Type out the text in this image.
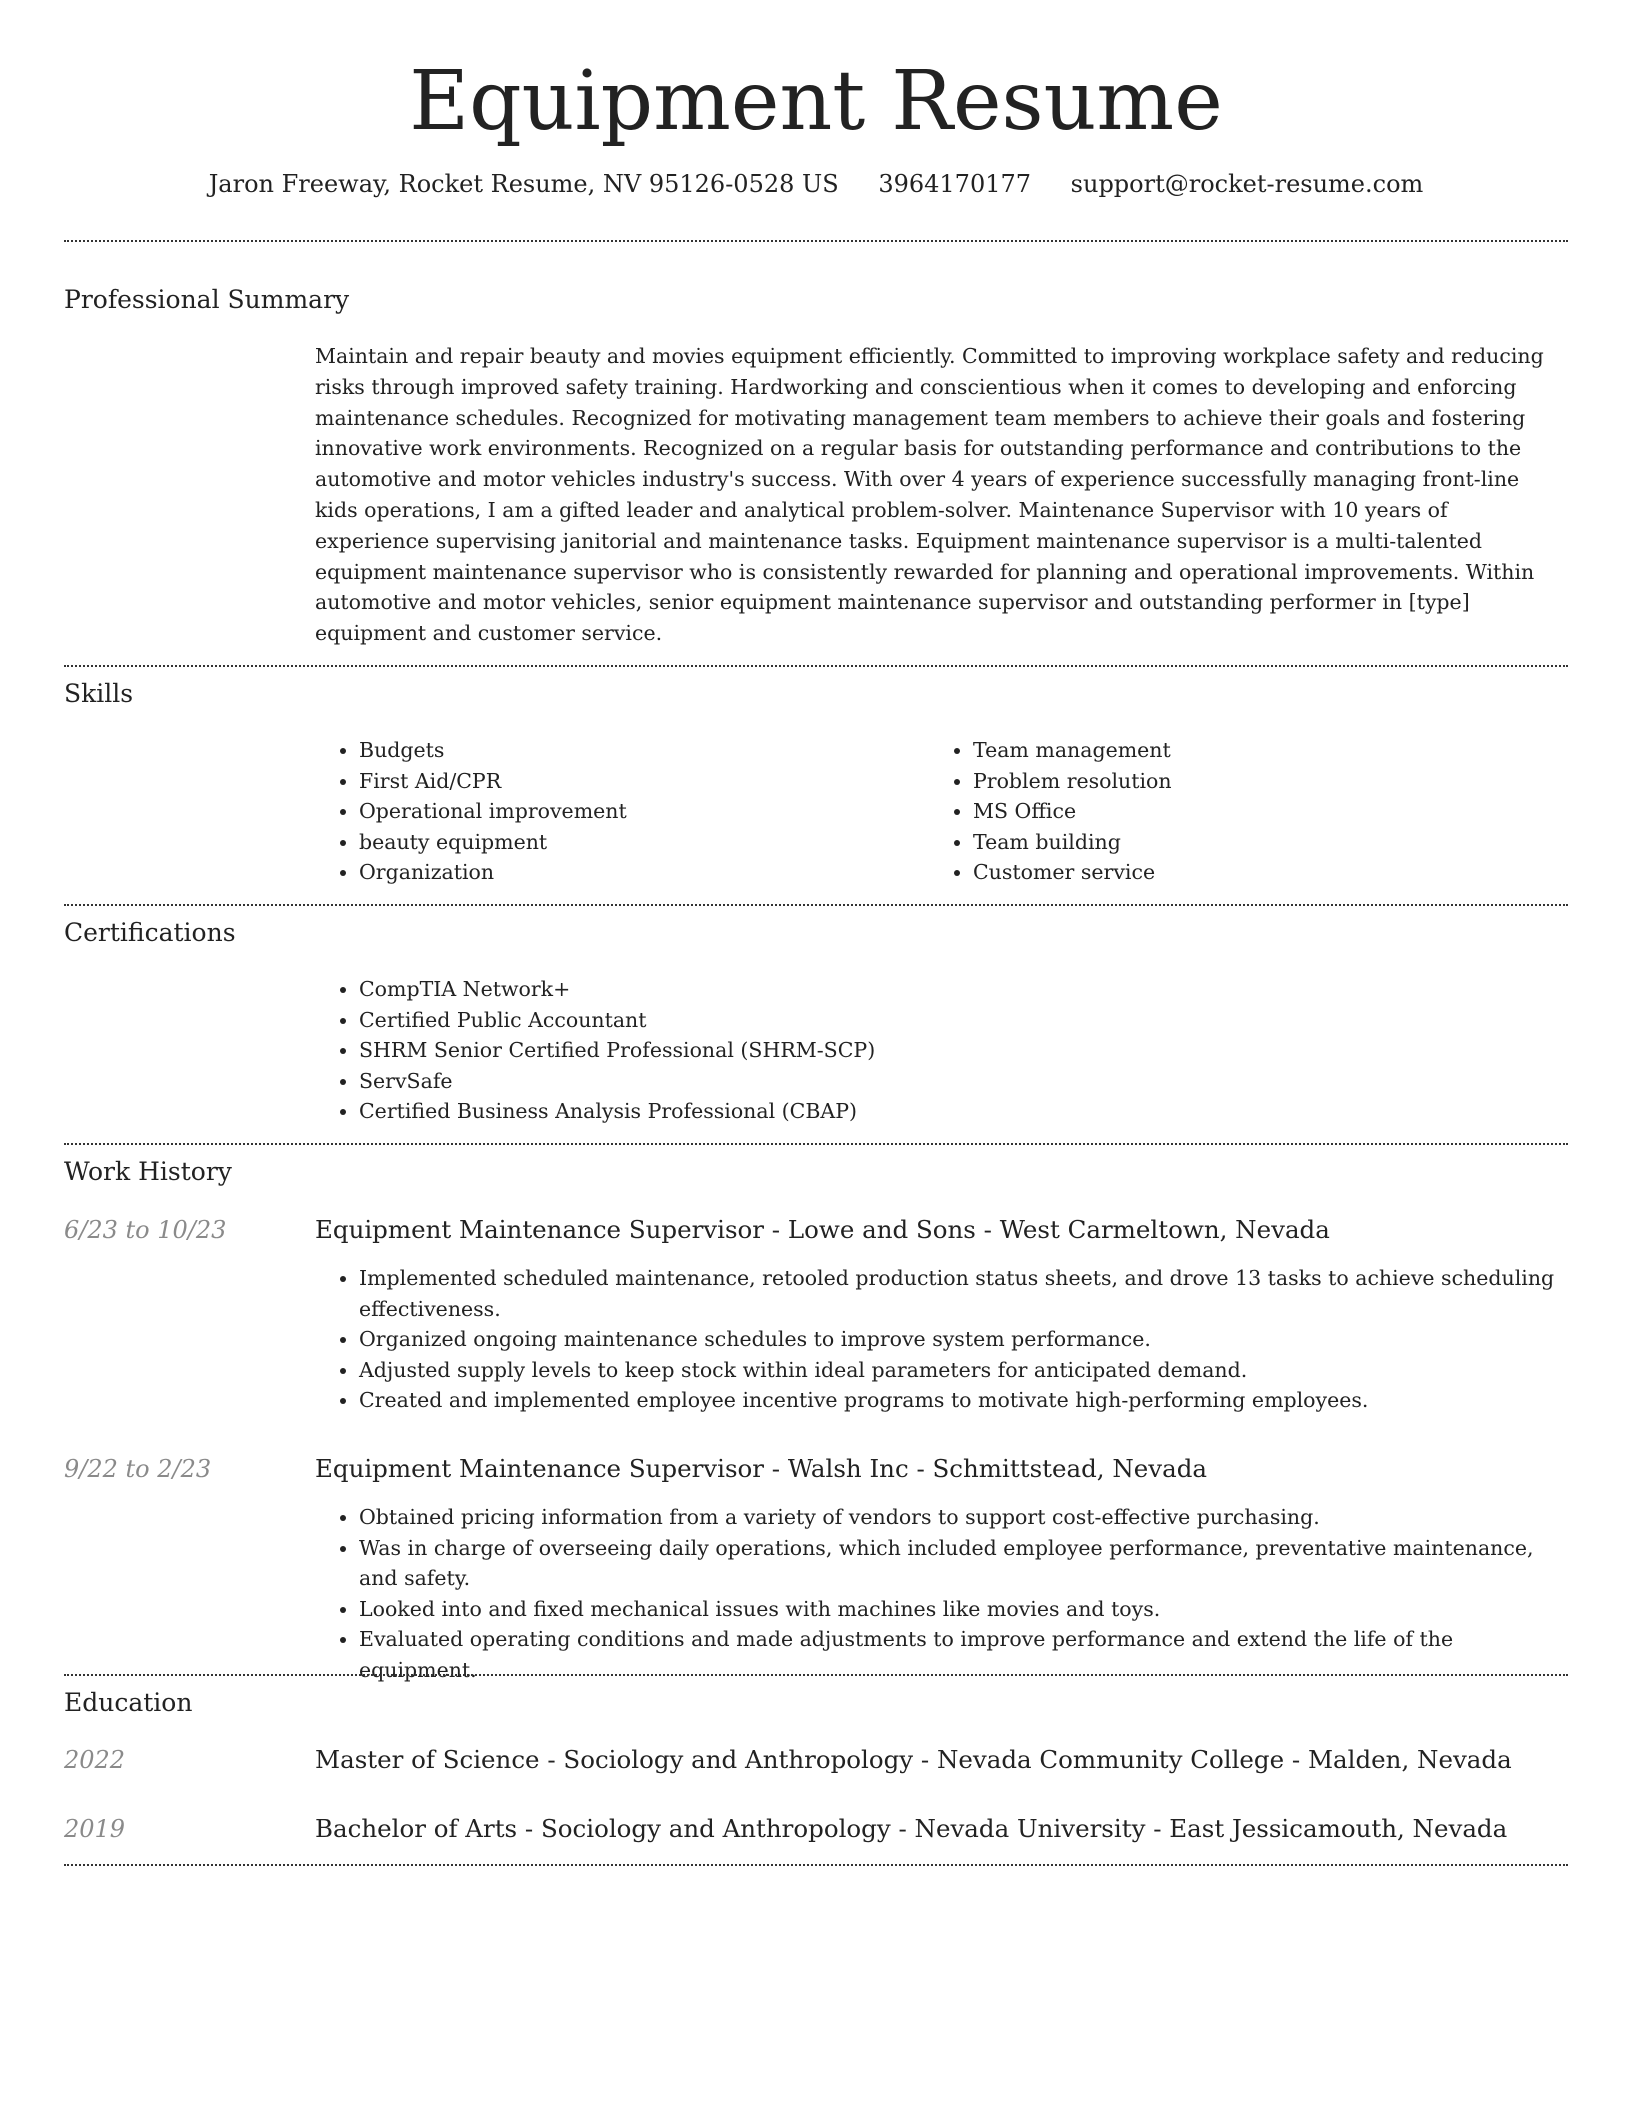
Equipment Resume
Jaron Freeway, Rocket Resume, NV 95126-0528 US 3964170177 support@rocket-resume.com
Professional Summary

Maintain and repair beauty and movies equipment efficiently. Committed to improving workplace safety and reducing risks through improved safety training. Hardworking and conscientious when it comes to developing and enforcing maintenance schedules. Recognized for motivating management team members to achieve their goals and fostering innovative work environments. Recognized on a regular basis for outstanding performance and contributions to the automotive and motor vehicles industry's success. With over 4 years of experience successfully managing front-line kids operations, I am a gifted leader and analytical problem-solver. Maintenance Supervisor with 10 years of experience supervising janitorial and maintenance tasks. Equipment maintenance supervisor is a multi-talented equipment maintenance supervisor who is consistently rewarded for planning and operational improvements. Within automotive and motor vehicles, senior equipment maintenance supervisor and outstanding performer in [type] equipment and customer service.

Skills
• Budgets
• First Aid/CPR
• Operational improvement
• beauty equipment
• Organization
• Team management
• Problem resolution
• MS Office
• Team building
• Customer service
Certifications
• CompTIA Network+
• Certified Public Accountant
• SHRM Senior Certified Professional (SHRM-SCP)
• ServSafe
• Certified Business Analysis Professional (CBAP)
Work History
6/23 to 10/23	Equipment Maintenance Supervisor - Lowe and Sons - West Carmeltown, Nevada
• Implemented scheduled maintenance, retooled production status sheets, and drove 13 tasks to achieve scheduling effectiveness.
• Organized ongoing maintenance schedules to improve system performance.
• Adjusted supply levels to keep stock within ideal parameters for anticipated demand.
• Created and implemented employee incentive programs to motivate high-performing employees.
9/22 to 2/23	Equipment Maintenance Supervisor - Walsh Inc - Schmittstead, Nevada
• Obtained pricing information from a variety of vendors to support cost-effective purchasing.
• Was in charge of overseeing daily operations, which included employee performance, preventative maintenance, and safety.
• Looked into and fixed mechanical issues with machines like movies and toys.
• Evaluated operating conditions and made adjustments to improve performance and extend the life of the equipment.
Education
2022	Master of Science - Sociology and Anthropology - Nevada Community College - Malden, Nevada
2019	Bachelor of Arts - Sociology and Anthropology - Nevada University - East Jessicamouth, Nevada
